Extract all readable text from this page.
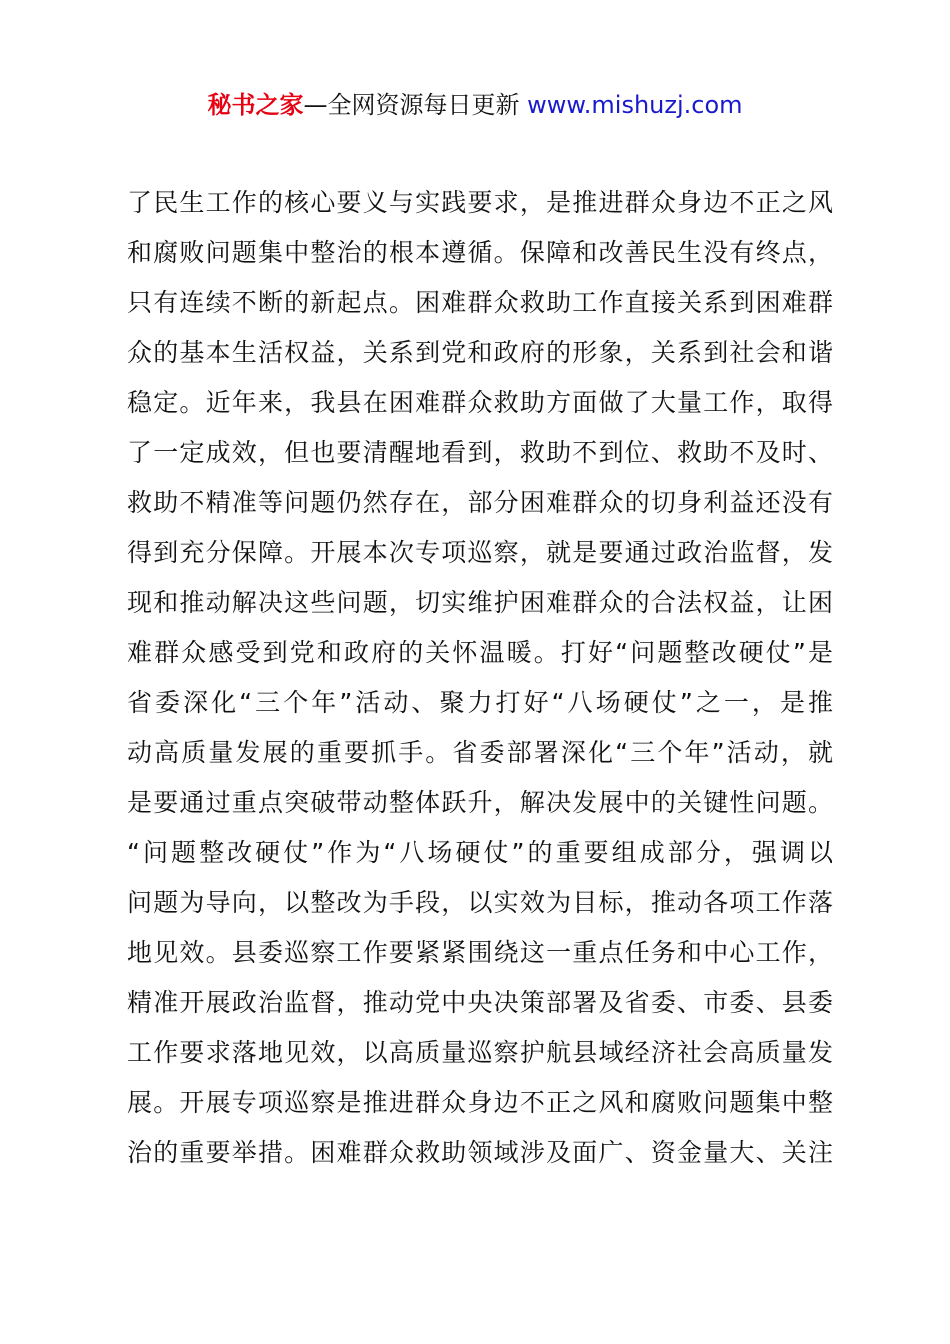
秘书之家—全网资源每日更新 www.mishuzj.com
了民生工作的核心要义与实践要求，是推进群众身边不正之风
和腐败问题集中整治的根本遵循。保障和改善民生没有终点，
只有连续不断的新起点。困难群众救助工作直接关系到困难群
众的基本生活权益，关系到党和政府的形象，关系到社会和谐
稳定。近年来，我县在困难群众救助方面做了大量工作，取得
了一定成效，但也要清醒地看到，救助不到位、救助不及时、
救助不精准等问题仍然存在，部分困难群众的切身利益还没有
得到充分保障。开展本次专项巡察，就是要通过政治监督，发
现和推动解决这些问题，切实维护困难群众的合法权益，让困
难群众感受到党和政府的关怀温暖。打好“问题整改硬仗”是
省委深化“三个年”活动、聚力打好“八场硬仗”之一，是推
动高质量发展的重要抓手。省委部署深化“三个年”活动，就
是要通过重点突破带动整体跃升，解决发展中的关键性问题。
“问题整改硬仗”作为“八场硬仗”的重要组成部分，强调以
问题为导向，以整改为手段，以实效为目标，推动各项工作落
地见效。县委巡察工作要紧紧围绕这一重点任务和中心工作，
精准开展政治监督，推动党中央决策部署及省委、市委、县委
工作要求落地见效，以高质量巡察护航县域经济社会高质量发
展。开展专项巡察是推进群众身边不正之风和腐败问题集中整
治的重要举措。困难群众救助领域涉及面广、资金量大、关注
